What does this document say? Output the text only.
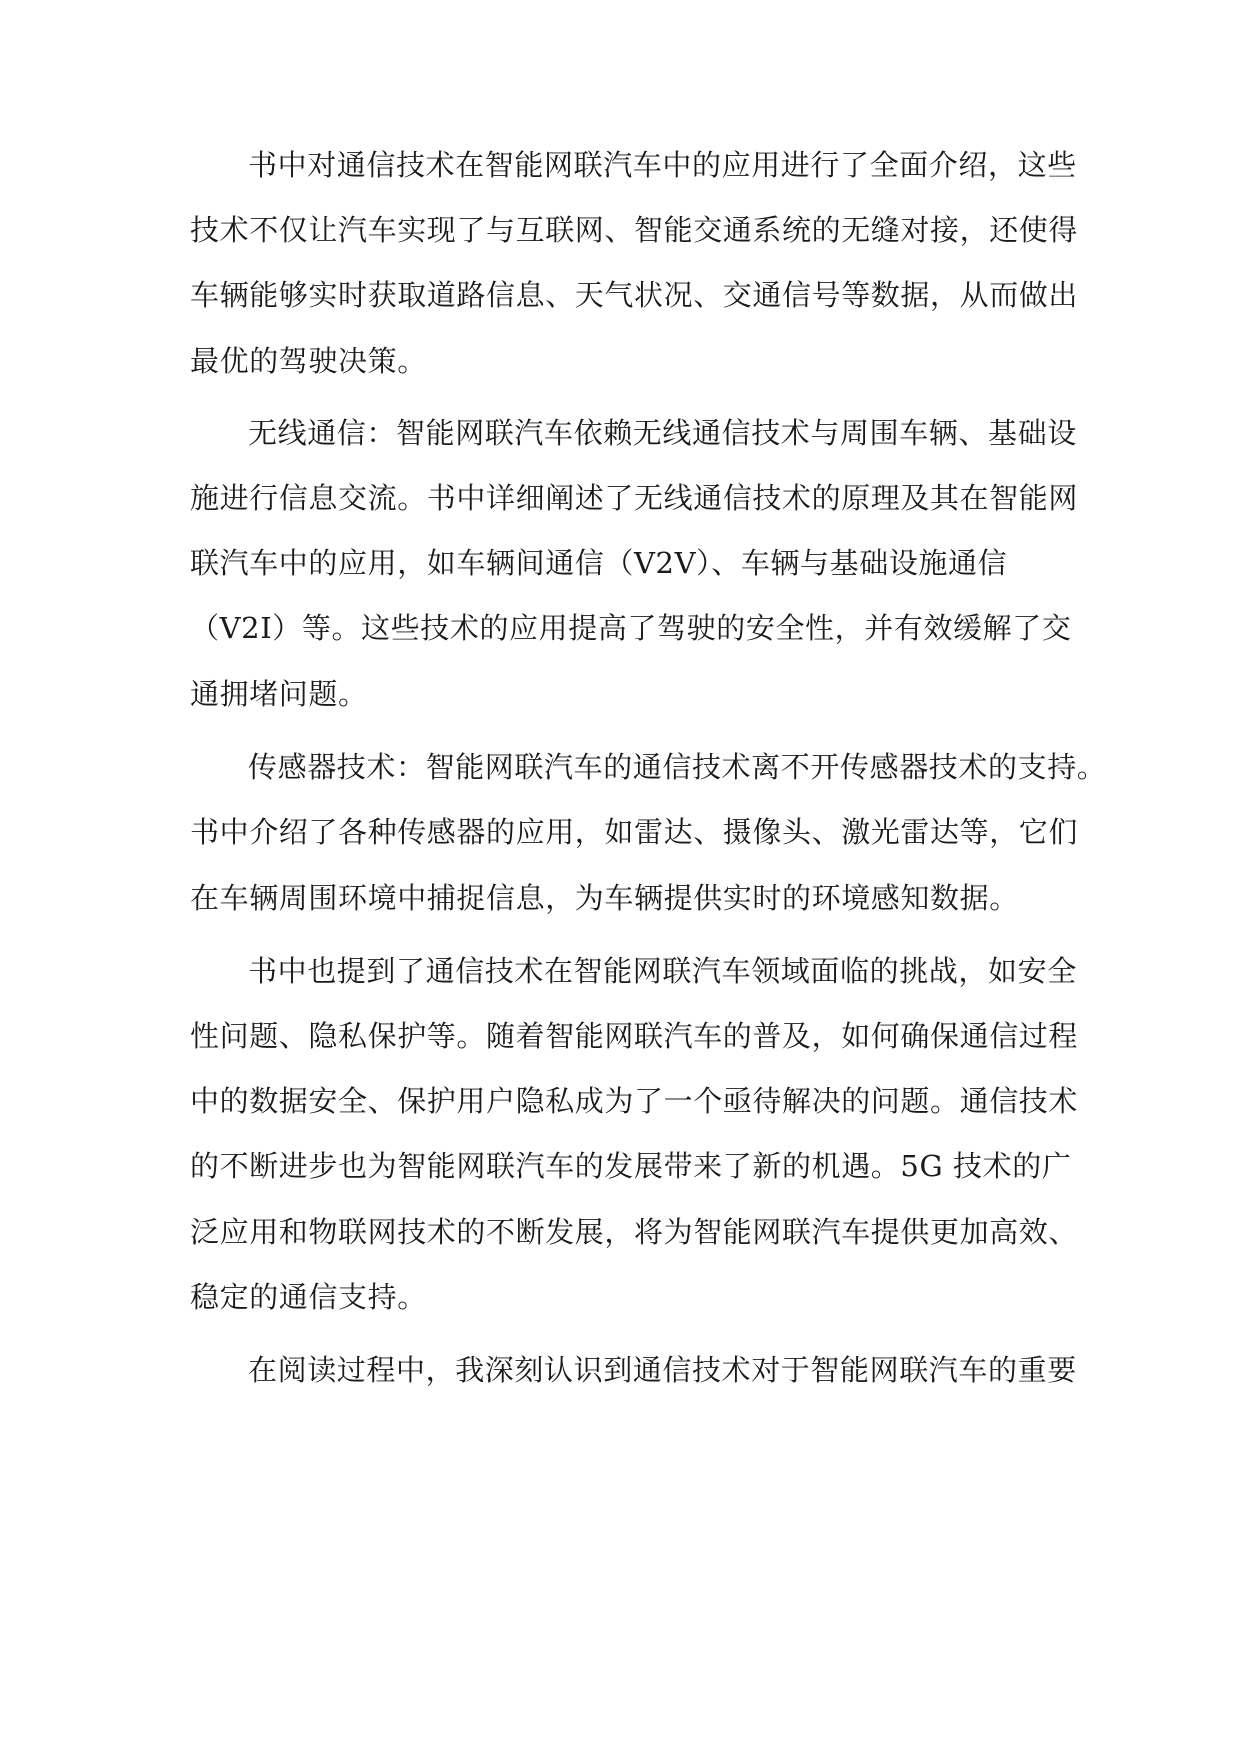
书中对通信技术在智能网联汽车中的应用进行了全面介绍，这些
技术不仅让汽车实现了与互联网、智能交通系统的无缝对接，还使得
车辆能够实时获取道路信息、天气状况、交通信号等数据，从而做出
最优的驾驶决策。
无线通信：智能网联汽车依赖无线通信技术与周围车辆、基础设
施进行信息交流。书中详细阐述了无线通信技术的原理及其在智能网
联汽车中的应用，如车辆间通信（V2V）、车辆与基础设施通信
（V2I）等。这些技术的应用提高了驾驶的安全性，并有效缓解了交
通拥堵问题。
传感器技术：智能网联汽车的通信技术离不开传感器技术的支持。
书中介绍了各种传感器的应用，如雷达、摄像头、激光雷达等，它们
在车辆周围环境中捕捉信息，为车辆提供实时的环境感知数据。
书中也提到了通信技术在智能网联汽车领域面临的挑战，如安全
性问题、隐私保护等。随着智能网联汽车的普及，如何确保通信过程
中的数据安全、保护用户隐私成为了一个亟待解决的问题。通信技术
的不断进步也为智能网联汽车的发展带来了新的机遇。5G 技术的广
泛应用和物联网技术的不断发展，将为智能网联汽车提供更加高效、
稳定的通信支持。
在阅读过程中，我深刻认识到通信技术对于智能网联汽车的重要
